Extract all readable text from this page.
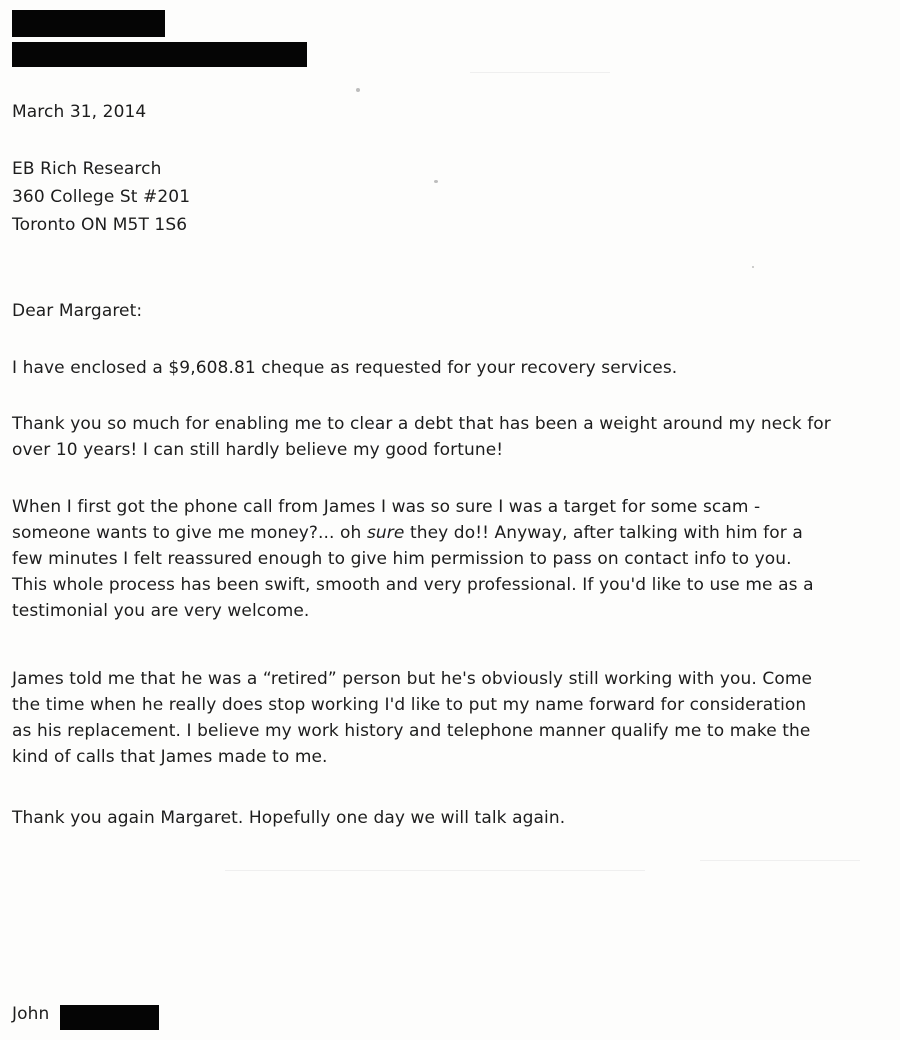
March 31, 2014
EB Rich Research
360 College St #201
Toronto ON M5T 1S6
Dear Margaret:
I have enclosed a $9,608.81 cheque as requested for your recovery services.
Thank you so much for enabling me to clear a debt that has been a weight around my neck for
over 10 years! I can still hardly believe my good fortune!
When I first got the phone call from James I was so sure I was a target for some scam -
someone wants to give me money?... oh sure they do!! Anyway, after talking with him for a
few minutes I felt reassured enough to give him permission to pass on contact info to you.
This whole process has been swift, smooth and very professional. If you'd like to use me as a
testimonial you are very welcome.
James told me that he was a “retired” person but he's obviously still working with you. Come
the time when he really does stop working I'd like to put my name forward for consideration
as his replacement. I believe my work history and telephone manner qualify me to make the
kind of calls that James made to me.
Thank you again Margaret. Hopefully one day we will talk again.
John
